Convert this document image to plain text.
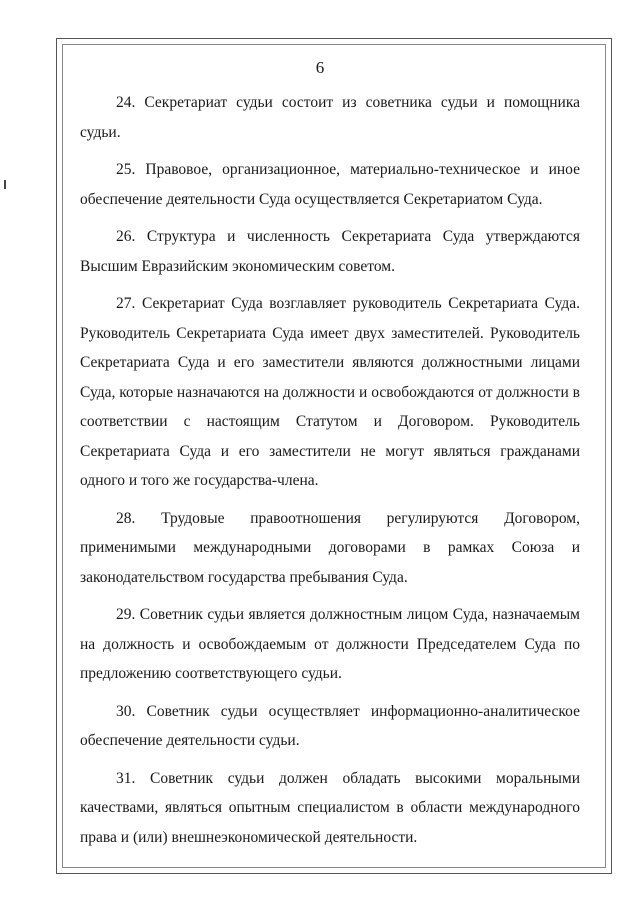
6

24. Секретариат судьи состоит из советника судьи и помощника судьи.

25. Правовое, организационное, материально-техническое и иное обеспечение деятельности Суда осуществляется Секретариатом Суда.

26. Структура и численность Секретариата Суда утверждаются Высшим Евразийским экономическим советом.

27. Секретариат Суда возглавляет руководитель Секретариата Суда. Руководитель Секретариата Суда имеет двух заместителей. Руководитель Секретариата Суда и его заместители являются должностными лицами Суда, которые назначаются на должности и освобождаются от должности в соответствии с настоящим Статутом и Договором. Руководитель Секретариата Суда и его заместители не могут являться гражданами одного и того же государства-члена.

28. Трудовые правоотношения регулируются Договором, применимыми международными договорами в рамках Союза и законодательством государства пребывания Суда.

29. Советник судьи является должностным лицом Суда, назначаемым на должность и освобождаемым от должности Председателем Суда по предложению соответствующего судьи.

30. Советник судьи осуществляет информационно-аналитическое обеспечение деятельности судьи.

31. Советник судьи должен обладать высокими моральными качествами, являться опытным специалистом в области международного права и (или) внешнеэкономической деятельности.
